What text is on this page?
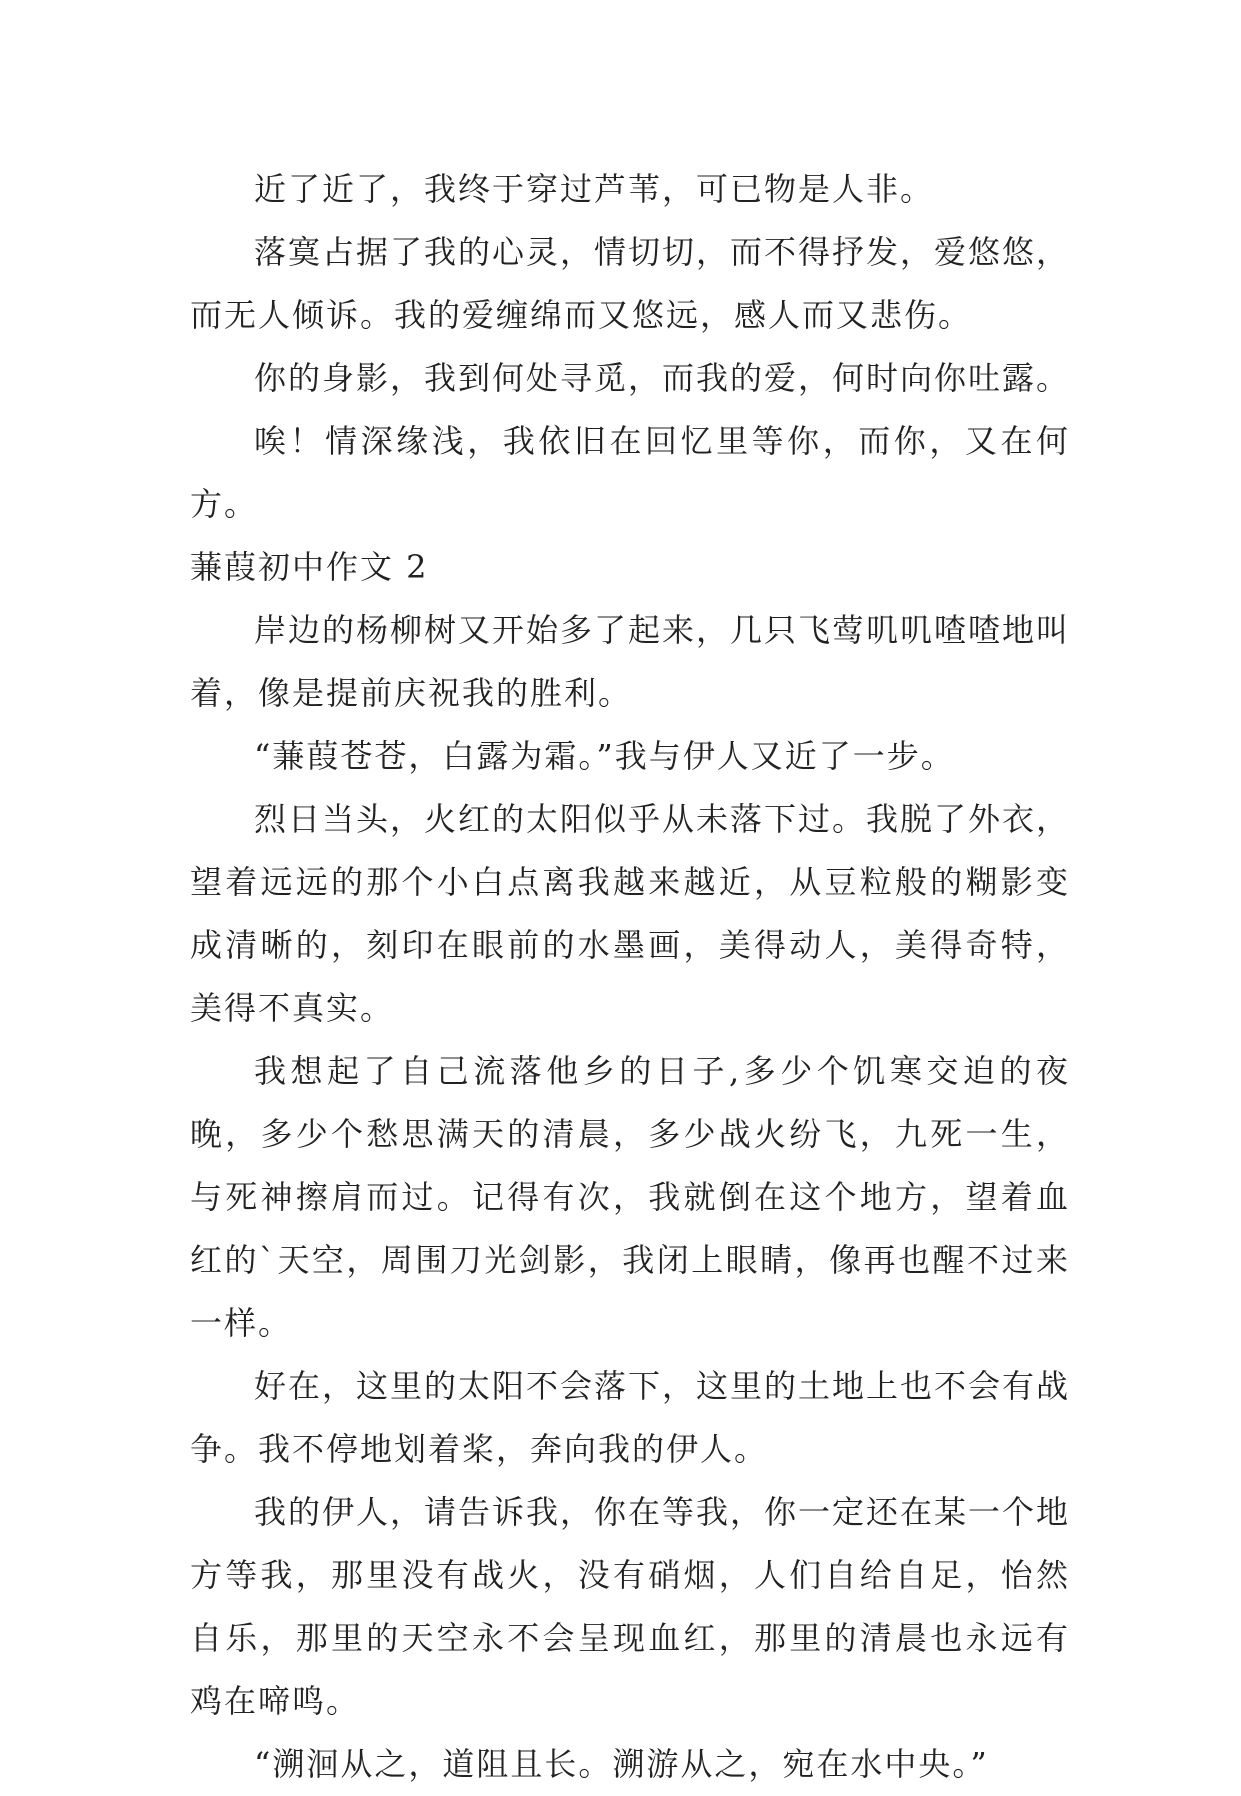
近了近了，我终于穿过芦苇，可已物是人非。

落寞占据了我的心灵，情切切，而不得抒发，爱悠悠，而无人倾诉。我的爱缠绵而又悠远，感人而又悲伤。

你的身影，我到何处寻觅，而我的爱，何时向你吐露。

唉！情深缘浅，我依旧在回忆里等你，而你，又在何方。

蒹葭初中作文 2

岸边的杨柳树又开始多了起来，几只飞莺叽叽喳喳地叫着，像是提前庆祝我的胜利。

“蒹葭苍苍，白露为霜。”我与伊人又近了一步。

烈日当头，火红的太阳似乎从未落下过。我脱了外衣，望着远远的那个小白点离我越来越近，从豆粒般的糊影变成清晰的，刻印在眼前的水墨画，美得动人，美得奇特，美得不真实。

我想起了自己流落他乡的日子,多少个饥寒交迫的夜晚，多少个愁思满天的清晨，多少战火纷飞，九死一生，与死神擦肩而过。记得有次，我就倒在这个地方，望着血红的`天空，周围刀光剑影，我闭上眼睛，像再也醒不过来一样。

好在，这里的太阳不会落下，这里的土地上也不会有战争。我不停地划着桨，奔向我的伊人。

我的伊人，请告诉我，你在等我，你一定还在某一个地方等我，那里没有战火，没有硝烟，人们自给自足，怡然自乐，那里的天空永不会呈现血红，那里的清晨也永远有鸡在啼鸣。

“溯洄从之，道阻且长。溯游从之，宛在水中央。”
